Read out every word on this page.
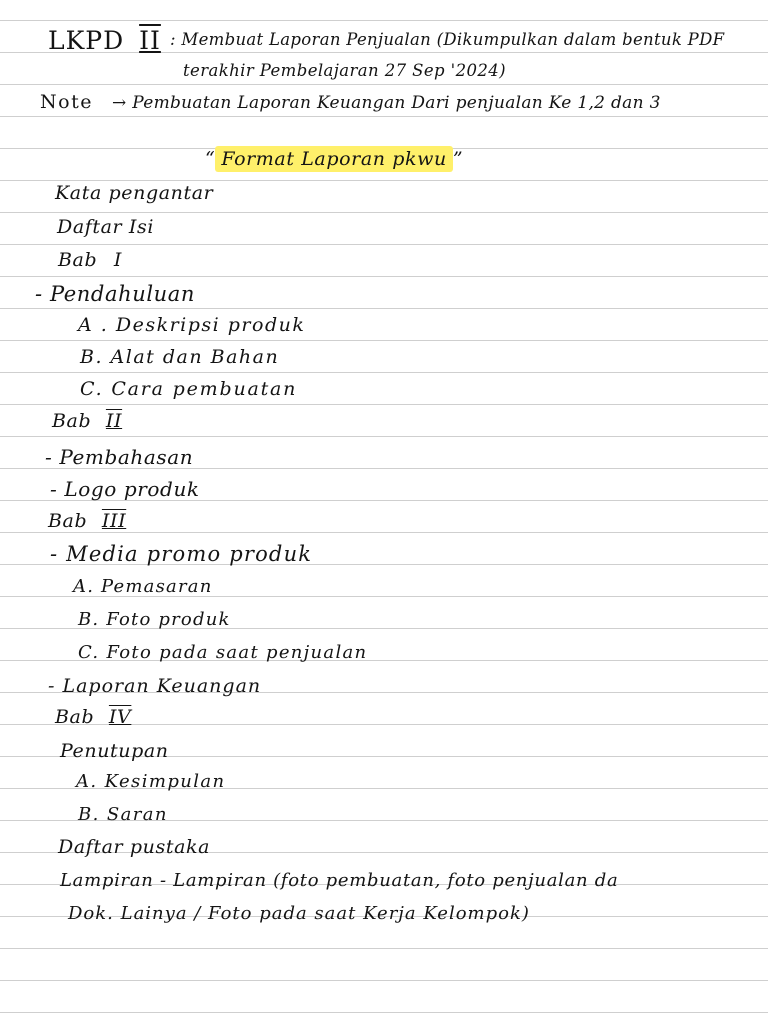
LKPD II : Membuat Laporan Penjualan (Dikumpulkan dalam bentuk PDF
terakhir Pembelajaran 27 Sep '2024)
Note → Pembuatan Laporan Keuangan Dari penjualan Ke 1,2 dan 3
“ Format Laporan pkwu ”
Kata pengantar
Daftar Isi
Bab I
- Pendahuluan
A . Deskripsi produk
B. Alat dan Bahan
C. Cara pembuatan
Bab II
- Pembahasan
- Logo produk
Bab III
- Media promo produk
A. Pemasaran
B. Foto produk
C. Foto pada saat penjualan
- Laporan Keuangan
Bab IV
Penutupan
A. Kesimpulan
B. Saran
Daftar pustaka
Lampiran - Lampiran (foto pembuatan, foto penjualan da
Dok. Lainya / Foto pada saat Kerja Kelompok)
